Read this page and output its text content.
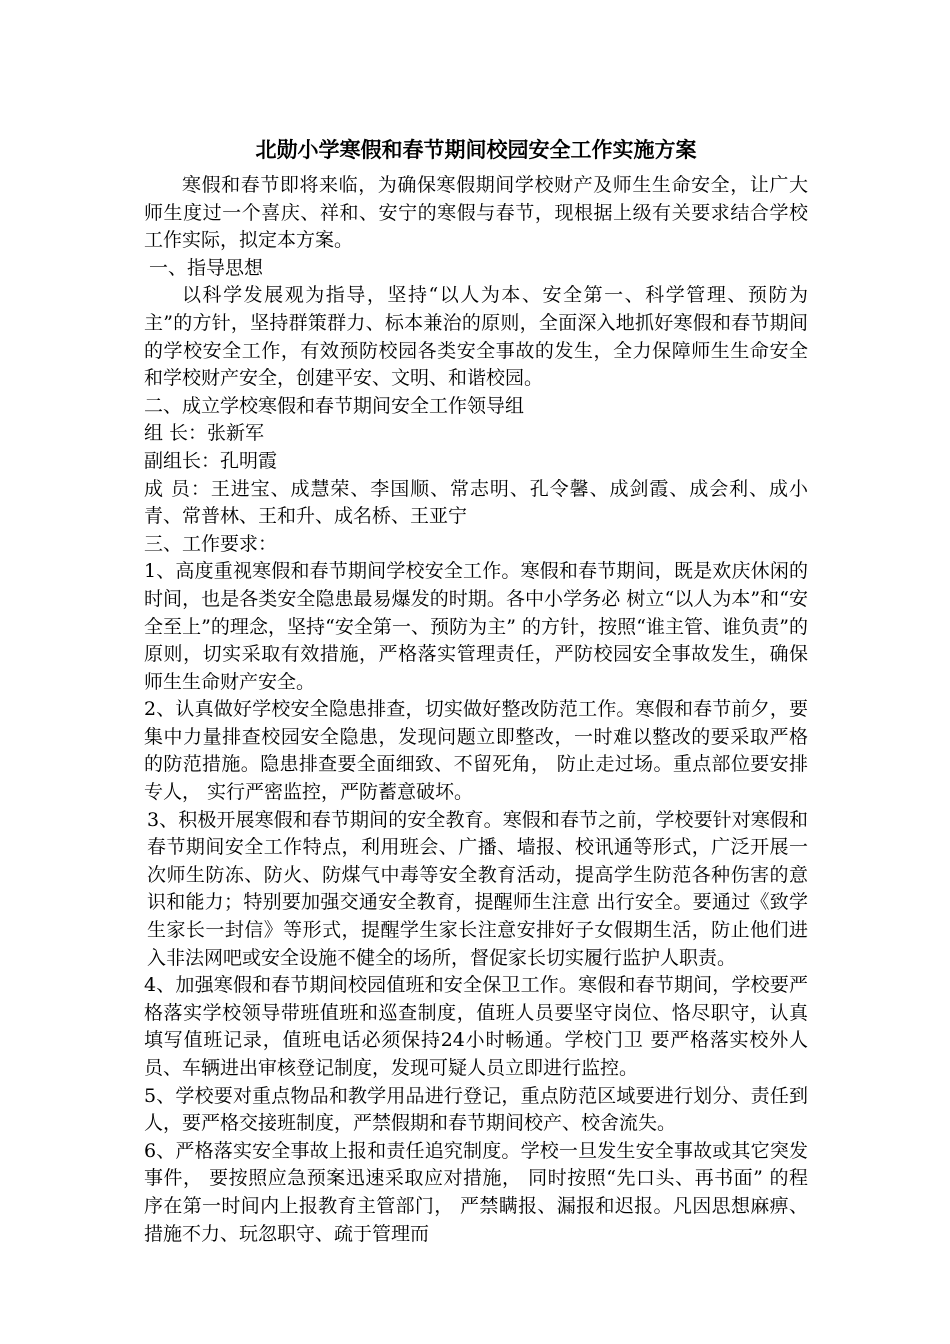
北勋小学寒假和春节期间校园安全工作实施方案

寒假和春节即将来临，为确保寒假期间学校财产及师生生命安全，让广大师生度过一个喜庆、祥和、安宁的寒假与春节，现根据上级有关要求结合学校工作实际，拟定本方案。

一、指导思想

以科学发展观为指导，坚持“以人为本、安全第一、科学管理、预防为主”的方针，坚持群策群力、标本兼治的原则，全面深入地抓好寒假和春节期间的学校安全工作，有效预防校园各类安全事故的发生，全力保障师生生命安全和学校财产安全，创建平安、文明、和谐校园。

二、成立学校寒假和春节期间安全工作领导组

组 长：张新军

副组长：孔明霞

成 员：王进宝、成慧荣、李国顺、常志明、孔令馨、成剑霞、成会利、成小青、常普林、王和升、成名桥、王亚宁

三、工作要求：

1、高度重视寒假和春节期间学校安全工作。寒假和春节期间，既是欢庆休闲的时间，也是各类安全隐患最易爆发的时期。各中小学务必 树立“以人为本”和“安全至上”的理念，坚持“安全第一、预防为主” 的方针，按照“谁主管、谁负责”的原则，切实采取有效措施，严格落实管理责任，严防校园安全事故发生，确保师生生命财产安全。

2、认真做好学校安全隐患排查，切实做好整改防范工作。寒假和春节前夕，要集中力量排查校园安全隐患，发现问题立即整改，一时难以整改的要采取严格的防范措施。隐患排查要全面细致、不留死角， 防止走过场。重点部位要安排专人， 实行严密监控，严防蓄意破坏。

3、积极开展寒假和春节期间的安全教育。寒假和春节之前，学校要针对寒假和春节期间安全工作特点，利用班会、广播、墙报、校讯通等形式，广泛开展一次师生防冻、防火、防煤气中毒等安全教育活动，提高学生防范各种伤害的意识和能力；特别要加强交通安全教育，提醒师生注意 出行安全。要通过《致学生家长一封信》等形式，提醒学生家长注意安排好子女假期生活，防止他们进入非法网吧或安全设施不健全的场所，督促家长切实履行监护人职责。

4、加强寒假和春节期间校园值班和安全保卫工作。寒假和春节期间，学校要严格落实学校领导带班值班和巡查制度，值班人员要坚守岗位、恪尽职守，认真填写值班记录，值班电话必须保持24小时畅通。学校门卫 要严格落实校外人员、车辆进出审核登记制度，发现可疑人员立即进行监控。

5、学校要对重点物品和教学用品进行登记，重点防范区域要进行划分、责任到人，要严格交接班制度，严禁假期和春节期间校产、校舍流失。

6、严格落实安全事故上报和责任追究制度。学校一旦发生安全事故或其它突发事件， 要按照应急预案迅速采取应对措施， 同时按照“先口头、再书面” 的程序在第一时间内上报教育主管部门， 严禁瞒报、漏报和迟报。凡因思想麻痹、措施不力、玩忽职守、疏于管理而
